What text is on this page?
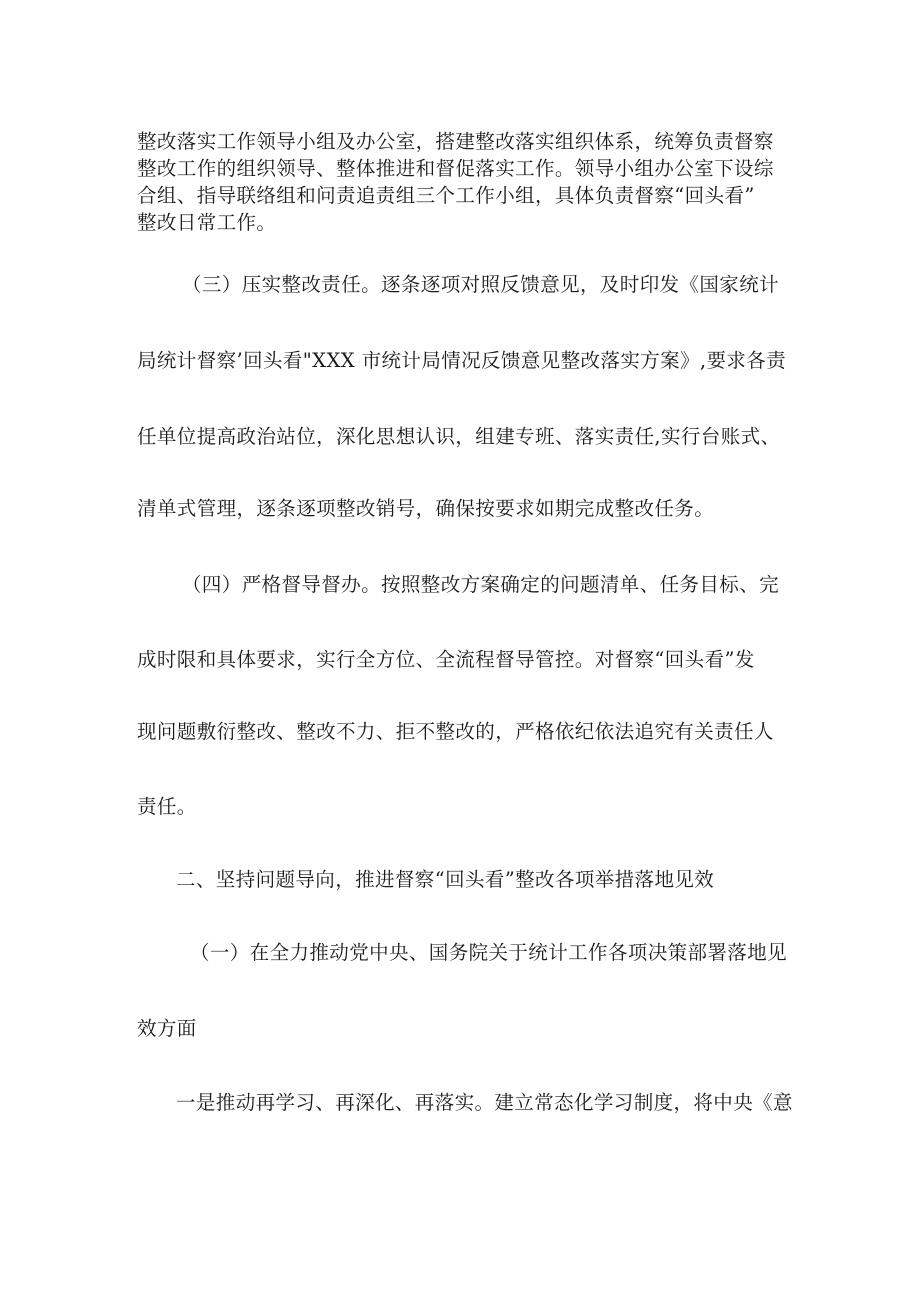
整改落实工作领导小组及办公室，搭建整改落实组织体系，统筹负责督察
整改工作的组织领导、整体推进和督促落实工作。领导小组办公室下设综
合组、指导联络组和问责追责组三个工作小组，具体负责督察“回头看”
整改日常工作。
（三）压实整改责任。逐条逐项对照反馈意见，及时印发《国家统计
局统计督察’回头看"XXX 市统计局情况反馈意见整改落实方案》,要求各责
任单位提高政治站位，深化思想认识，组建专班、落实责任,实行台账式、
清单式管理，逐条逐项整改销号，确保按要求如期完成整改任务。
（四）严格督导督办。按照整改方案确定的问题清单、任务目标、完
成时限和具体要求，实行全方位、全流程督导管控。对督察“回头看”发
现问题敷衍整改、整改不力、拒不整改的，严格依纪依法追究有关责任人
责任。
二、坚持问题导向，推进督察“回头看”整改各项举措落地见效
（一）在全力推动党中央、国务院关于统计工作各项决策部署落地见
效方面
一是推动再学习、再深化、再落实。建立常态化学习制度，将中央《意
